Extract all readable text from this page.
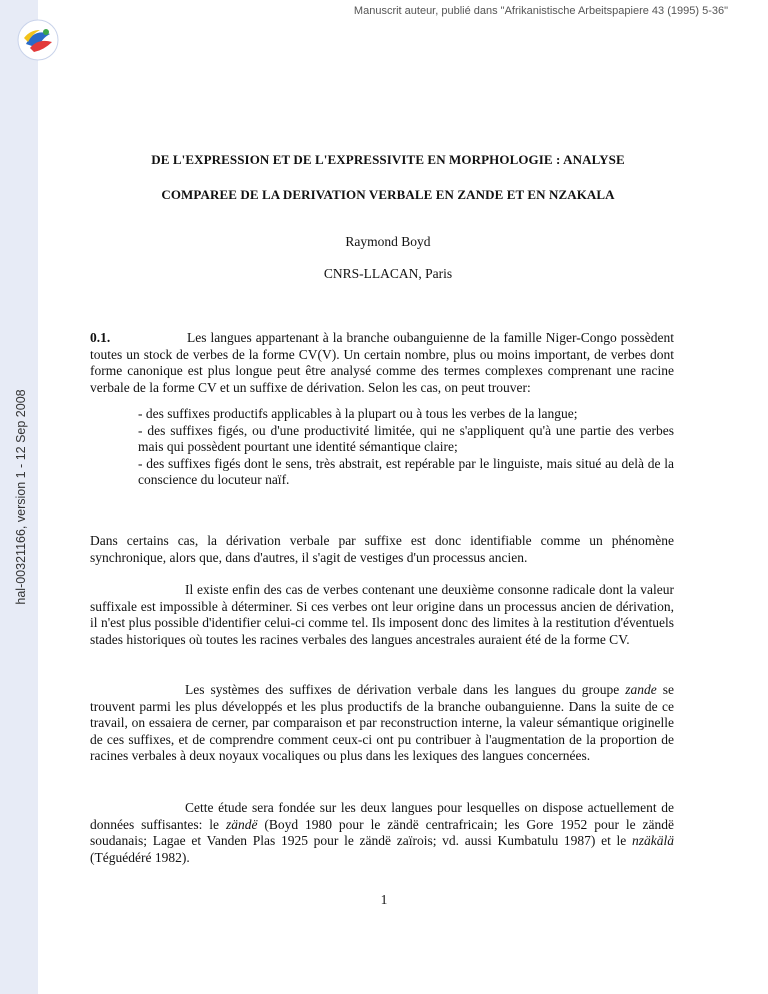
hal-00321166, version 1 - 12 Sep 2008
Manuscrit auteur, publié dans "Afrikanistische Arbeitspapiere 43 (1995) 5-36"
DE L'EXPRESSION ET DE L'EXPRESSIVITE EN MORPHOLOGIE : ANALYSE
COMPAREE DE LA DERIVATION VERBALE EN ZANDE ET EN NZAKALA
Raymond Boyd
CNRS-LLACAN, Paris
0.1.	Les langues appartenant à la branche oubanguienne de la famille Niger-Congo possèdent toutes un stock de verbes de la forme CV(V). Un certain nombre, plus ou moins important, de verbes dont forme canonique est plus longue peut être analysé comme des termes complexes comprenant une racine verbale de la forme CV et un suffixe de dérivation. Selon les cas, on peut trouver:

- des suffixes productifs applicables à la plupart ou à tous les verbes de la langue;

- des suffixes figés, ou d'une productivité limitée, qui ne s'appliquent qu'à une partie des verbes mais qui possèdent pourtant une identité sémantique claire;

- des suffixes figés dont le sens, très abstrait, est repérable par le linguiste, mais situé au delà de la conscience du locuteur naïf.

Dans certains cas, la dérivation verbale par suffixe est donc identifiable comme un phénomène synchronique, alors que, dans d'autres, il s'agit de vestiges d'un processus ancien.
Il existe enfin des cas de verbes contenant une deuxième consonne radicale dont la valeur suffixale est impossible à déterminer. Si ces verbes ont leur origine dans un processus ancien de dérivation, il n'est plus possible d'identifier celui-ci comme tel. Ils imposent donc des limites à la restitution d'éventuels stades historiques où toutes les racines verbales des langues ancestrales auraient été de la forme CV.
Les systèmes des suffixes de dérivation verbale dans les langues du groupe zande se trouvent parmi les plus développés et les plus productifs de la branche oubanguienne. Dans la suite de ce travail, on essaiera de cerner, par comparaison et par reconstruction interne, la valeur sémantique originelle de ces suffixes, et de comprendre comment ceux-ci ont pu contribuer à l'augmentation de la proportion de racines verbales à deux noyaux vocaliques ou plus dans les lexiques des langues concernées.
Cette étude sera fondée sur les deux langues pour lesquelles on dispose actuellement de données suffisantes: le zändë (Boyd 1980 pour le zändë centrafricain; les Gore 1952 pour le zändë soudanais; Lagae et Vanden Plas 1925 pour le zändë zaïrois; vd. aussi Kumbatulu 1987) et le nzäkälä (Téguédéré 1982).
1
